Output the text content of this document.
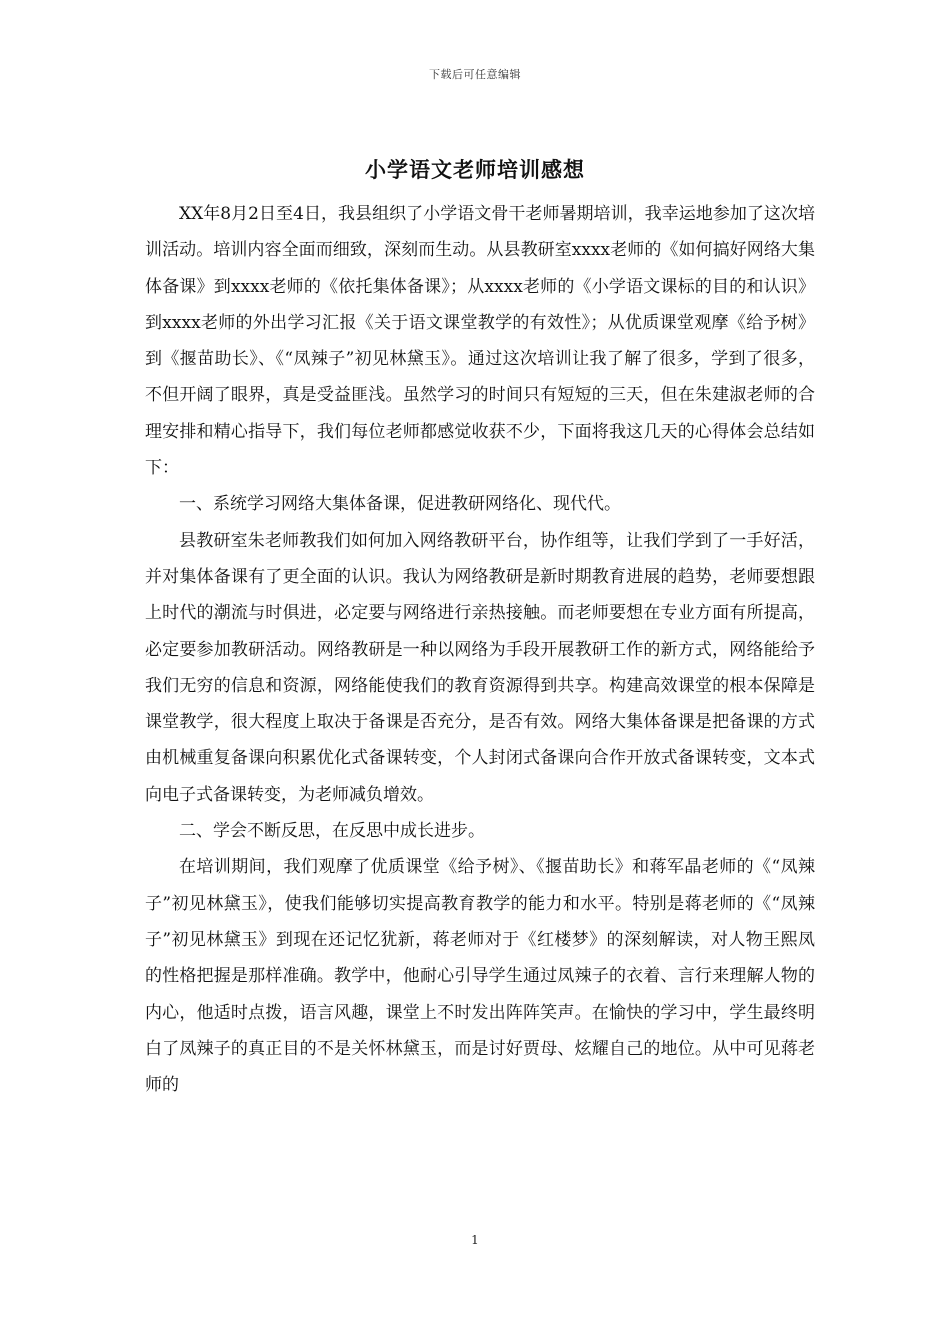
下载后可任意编辑
小学语文老师培训感想

XX年8月2日至4日，我县组织了小学语文骨干老师暑期培训，我幸运地参加了这次培训活动。培训内容全面而细致，深刻而生动。从县教研室xxxx老师的《如何搞好网络大集体备课》到xxxx老师的《依托集体备课》；从xxxx老师的《小学语文课标的目的和认识》到xxxx老师的外出学习汇报《关于语文课堂教学的有效性》；从优质课堂观摩《给予树》到《揠苗助长》、《“凤辣子”初见林黛玉》。通过这次培训让我了解了很多，学到了很多，不但开阔了眼界，真是受益匪浅。虽然学习的时间只有短短的三天，但在朱建淑老师的合理安排和精心指导下，我们每位老师都感觉收获不少，下面将我这几天的心得体会总结如下：

一、系统学习网络大集体备课，促进教研网络化、现代代。

县教研室朱老师教我们如何加入网络教研平台，协作组等，让我们学到了一手好活，并对集体备课有了更全面的认识。我认为网络教研是新时期教育进展的趋势，老师要想跟上时代的潮流与时俱进，必定要与网络进行亲热接触。而老师要想在专业方面有所提高，必定要参加教研活动。网络教研是一种以网络为手段开展教研工作的新方式，网络能给予我们无穷的信息和资源，网络能使我们的教育资源得到共享。构建高效课堂的根本保障是课堂教学，很大程度上取决于备课是否充分，是否有效。网络大集体备课是把备课的方式由机械重复备课向积累优化式备课转变，个人封闭式备课向合作开放式备课转变，文本式向电子式备课转变，为老师减负增效。

二、学会不断反思，在反思中成长进步。

在培训期间，我们观摩了优质课堂《给予树》、《揠苗助长》和蒋军晶老师的《“凤辣子”初见林黛玉》，使我们能够切实提高教育教学的能力和水平。特别是蒋老师的《“凤辣子”初见林黛玉》到现在还记忆犹新，蒋老师对于《红楼梦》的深刻解读，对人物王熙凤的性格把握是那样准确。教学中，他耐心引导学生通过凤辣子的衣着、言行来理解人物的内心，他适时点拨，语言风趣，课堂上不时发出阵阵笑声。在愉快的学习中，学生最终明白了凤辣子的真正目的不是关怀林黛玉，而是讨好贾母、炫耀自己的地位。从中可见蒋老师的

1
